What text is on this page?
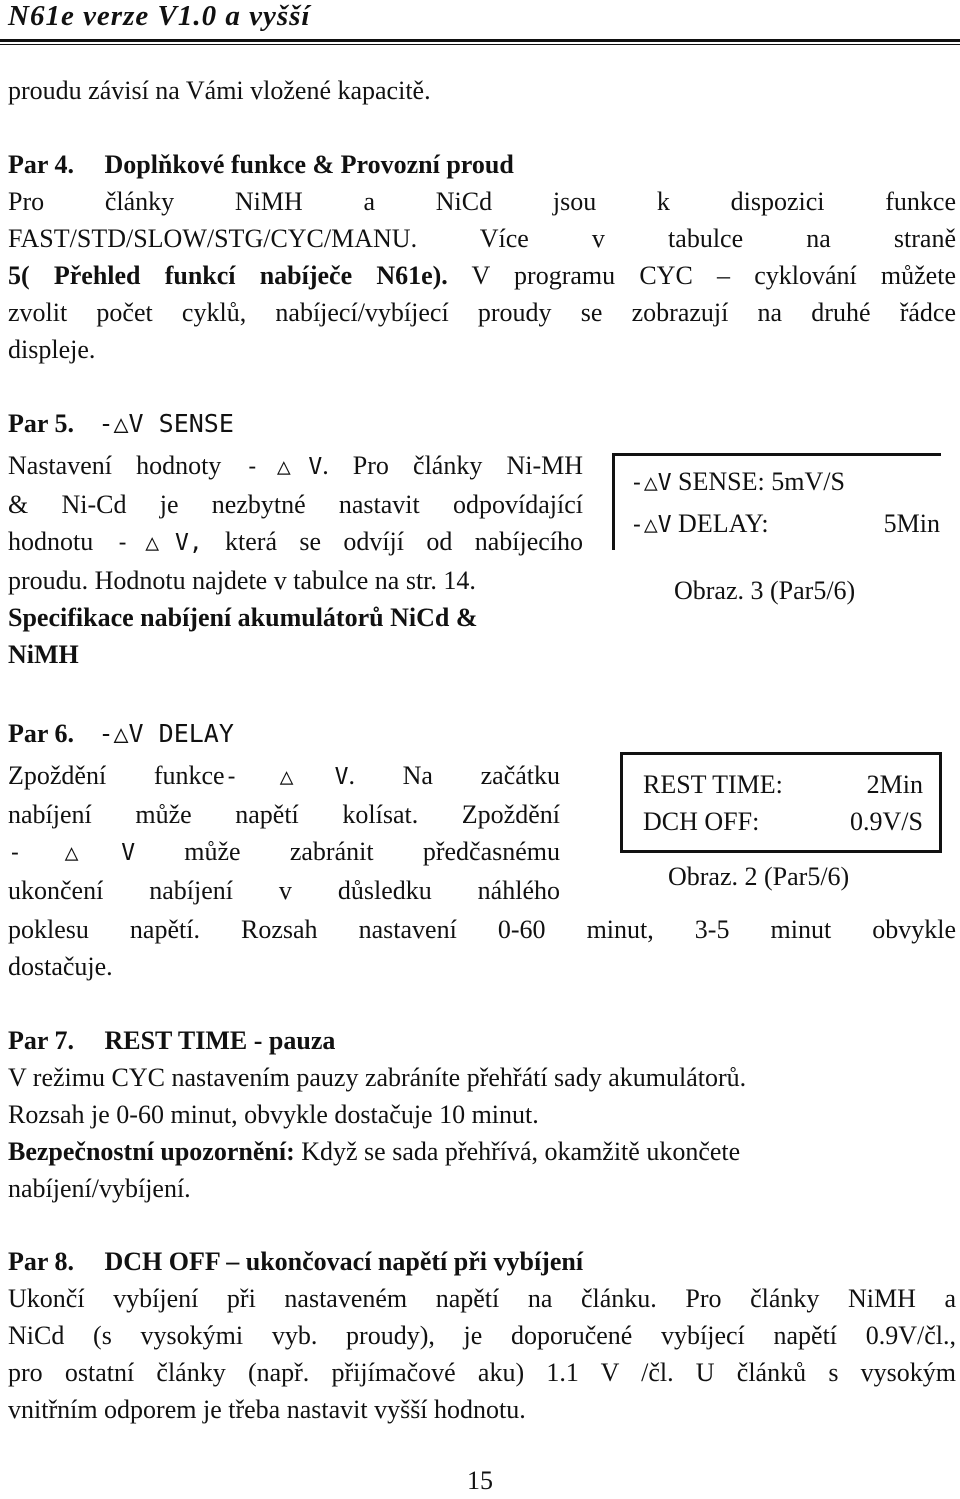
N61e verze V1.0 a vyšší

proudu závisí na Vámi vložené kapacitě.

Par 4. Doplňkové funkce & Provozní proud

Pro články NiMH a NiCd jsou k dispozici funkce

FAST/STD/SLOW/STG/CYC/MANU. Více v tabulce na straně

5( Přehled funkcí nabíječe N61e). V programu CYC – cyklování můžete

zvolit počet cyklů, nabíjecí/vybíjecí proudy se zobrazují na druhé řádce

displeje.

Par 5. -△V SENSE

Nastavení hodnoty -△V. Pro články Ni-MH
& Ni-Cd je nezbytné nastavit odpovídající
hodnotu -△V, která se odvíjí od nabíjecího
proudu. Hodnotu najdete v tabulce na str. 14.
Specifikace nabíjení akumulátorů NiCd &
NiMH
-△V SENSE: 5mV/S
-△V DELAY:	5Min
Obraz. 3 (Par5/6)

Par 6. -△V DELAY

Zpoždění funkce-△V. Na začátku
nabíjení může napětí kolísat. Zpoždění
-△V může zabránit předčasnému
ukončení nabíjení v důsledku náhlého

poklesu napětí. Rozsah nastavení 0-60 minut, 3-5 minut obvykle

dostačuje.

REST TIME:	2Min
DCH OFF:	0.9V/S
Obraz. 2 (Par5/6)

Par 7. REST TIME - pauza

V režimu CYC nastavením pauzy zabráníte přehřátí sady akumulátorů.

Rozsah je 0-60 minut, obvykle dostačuje 10 minut.

Bezpečnostní upozornění: Když se sada přehřívá, okamžitě ukončete

nabíjení/vybíjení.

Par 8. DCH OFF – ukončovací napětí při vybíjení

Ukončí vybíjení při nastaveném napětí na článku. Pro články NiMH a

NiCd (s vysokými vyb. proudy), je doporučené vybíjecí napětí 0.9V/čl.,

pro ostatní články (např. přijímačové aku) 1.1 V /čl. U článků s vysokým

vnitřním odporem je třeba nastavit vyšší hodnotu.

15
